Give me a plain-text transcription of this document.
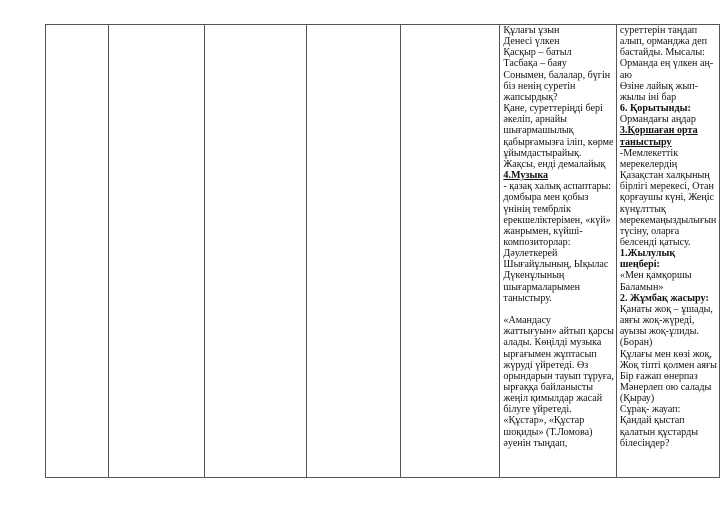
Құлағы ұзын
Денесі үлкен
Қасқыр – батыл
Тасбақа – баяу
Сонымен, балалар, бүгін
біз ненің суретін
жапсырдық?
Қане, суреттерiңді берi
әкеліп, арнайы
шығармашылық
қабырғамызға іліп, көрме
ұйымдастырайық.
Жақсы, енді демалайық
4.Музыка
- қазақ халық аспаптары:
домбыра мен қобыз
үнінің тембрлік
ерекшеліктерімен, «күй»
жанрымен, күйші-
композиторлар:
Дәулеткерей
Шығайұлының, Ықылас
Дүкенұлының
шығармаларымен
таныстыру.
«Амандасу
жаттығуын» айтып қарсы
алады. Көңілді музыка
ырғағымен жұптасып
жүруді үйретеді. Өз
орындарын тауып тұруға,
ырғаққа байланысты
жеңіл қимылдар жасай
білуге үйретеді.
«Құстар», «Құстар
шоқиды» (Т.Ломова)
әуенін тыңдап,

суреттерін таңдап
алып, орманджа деп
бастайды. Мысалы:
Орманда ең үлкен аң-
аю
Өзіне лайық жып-
жылы іні бар
6. Қорытынды:
Ормандағы аңдар
3.Қоршаған орта
таныстыру
-Мемлекеттік
мерекелердің
Қазақстан халқының
бірлігі мерекесі, Отан
қорғаушы күні, Жеңіс
күнұлттық
мерекемаңыздылығын
түсіну, оларға
белсенді қатысу.
1.Жылулық
шеңбері:
«Мен қамқоршы
Баламын»
2. Жұмбақ жасыру:
Қанаты жоқ – ұшады,
аяғы жоқ-жүреді,
ауызы жоқ-ұлиды.
(Боран)
Құлағы мен көзі жоқ,
Жоқ тіпті қолмен аяғы
Бір ғажап өнерпаз
Мәнерлеп ою салады
(Қырау)
Сұрақ- жауап:
Қандай қыстап
қалатын құстарды
білесіңдер?
